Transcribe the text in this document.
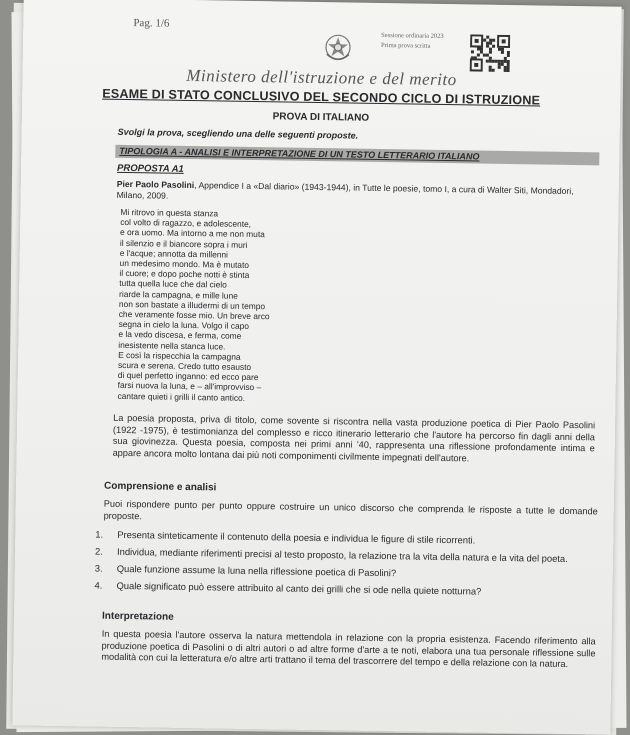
Pag. 1/6
Sessione ordinaria 2023
Prima prova scritta
Ministero dell'istruzione e del merito
ESAME DI STATO CONCLUSIVO DEL SECONDO CICLO DI ISTRUZIONE
PROVA DI ITALIANO
Svolgi la prova, scegliendo una delle seguenti proposte.
TIPOLOGIA A - ANALISI E INTERPRETAZIONE DI UN TESTO LETTERARIO ITALIANO
PROPOSTA A1
Pier Paolo Pasolini, Appendice I a «Dal diario» (1943-1944), in Tutte le poesie, tomo I, a cura di Walter Siti, Mondadori, Milano, 2009.
Mi ritrovo in questa stanza
col volto di ragazzo, e adolescente,
e ora uomo. Ma intorno a me non muta
il silenzio e il biancore sopra i muri
e l'acque; annotta da millenni
un medesimo mondo. Ma è mutato
il cuore; e dopo poche notti è stinta
tutta quella luce che dal cielo
riarde la campagna, e mille lune
non son bastate a illudermi di un tempo
che veramente fosse mio. Un breve arco
segna in cielo la luna. Volgo il capo
e la vedo discesa, e ferma, come
inesistente nella stanca luce.
E così la rispecchia la campagna
scura e serena. Credo tutto esausto
di quel perfetto inganno: ed ecco pare
farsi nuova la luna, e – all'improvviso –
cantare quieti i grilli il canto antico.
La poesia proposta, priva di titolo, come sovente si riscontra nella vasta produzione poetica di Pier Paolo Pasolini (1922 -1975), è testimonianza del complesso e ricco itinerario letterario che l'autore ha percorso fin dagli anni della sua giovinezza. Questa poesia, composta nei primi anni '40, rappresenta una riflessione profondamente intima e appare ancora molto lontana dai più noti componimenti civilmente impegnati dell'autore.
Comprensione e analisi
Puoi rispondere punto per punto oppure costruire un unico discorso che comprenda le risposte a tutte le domande proposte.
1.	Presenta sinteticamente il contenuto della poesia e individua le figure di stile ricorrenti.
2.	Individua, mediante riferimenti precisi al testo proposto, la relazione tra la vita della natura e la vita del poeta.
3.	Quale funzione assume la luna nella riflessione poetica di Pasolini?
4.	Quale significato può essere attribuito al canto dei grilli che si ode nella quiete notturna?
Interpretazione
In questa poesia l'autore osserva la natura mettendola in relazione con la propria esistenza. Facendo riferimento alla produzione poetica di Pasolini o di altri autori o ad altre forme d'arte a te noti, elabora una tua personale riflessione sulle modalità con cui la letteratura e/o altre arti trattano il tema del trascorrere del tempo e della relazione con la natura.
